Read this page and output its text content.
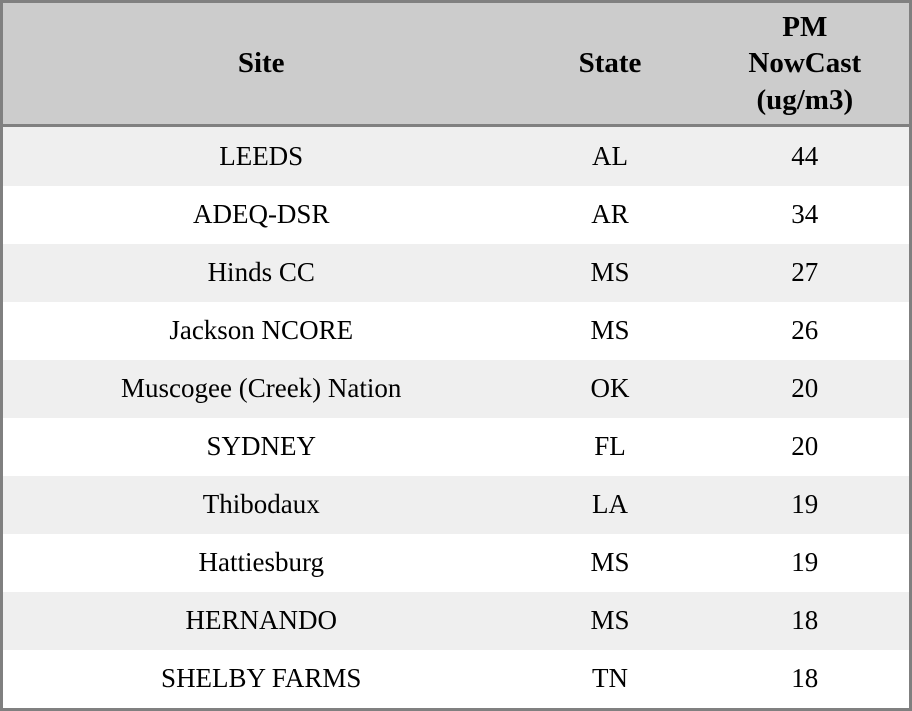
Site	State	PM
NowCast
(ug/m3)
LEEDS	AL	44
ADEQ-DSR	AR	34
Hinds CC	MS	27
Jackson NCORE	MS	26
Muscogee (Creek) Nation	OK	20
SYDNEY	FL	20
Thibodaux	LA	19
Hattiesburg	MS	19
HERNANDO	MS	18
SHELBY FARMS	TN	18
